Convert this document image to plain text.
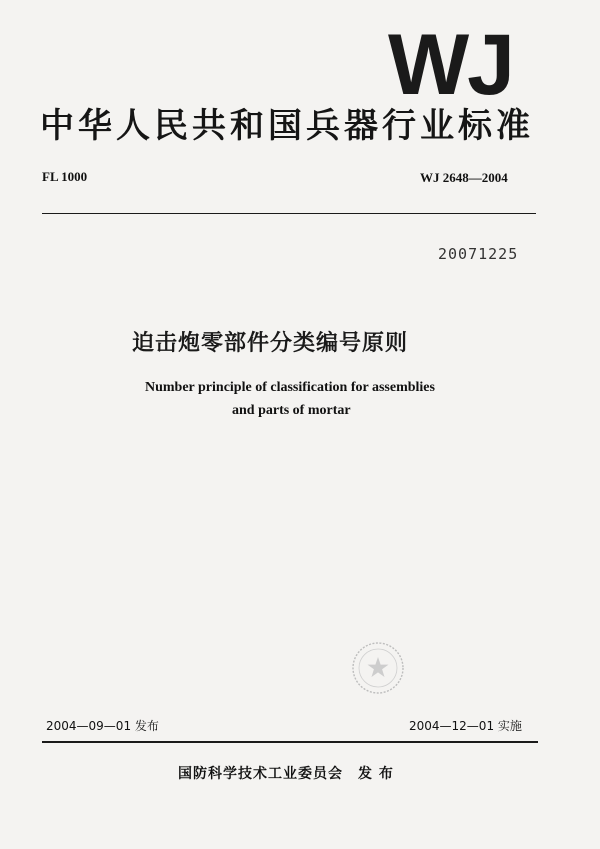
WJ
中华人民共和国兵器行业标准
FL 1000	WJ 2648—2004
20071225
迫击炮零部件分类编号原则
Number principle of classification for assemblies
and parts of mortar
2004—09—01 发布	2004—12—01 实施
国防科学技术工业委员会　发 布
